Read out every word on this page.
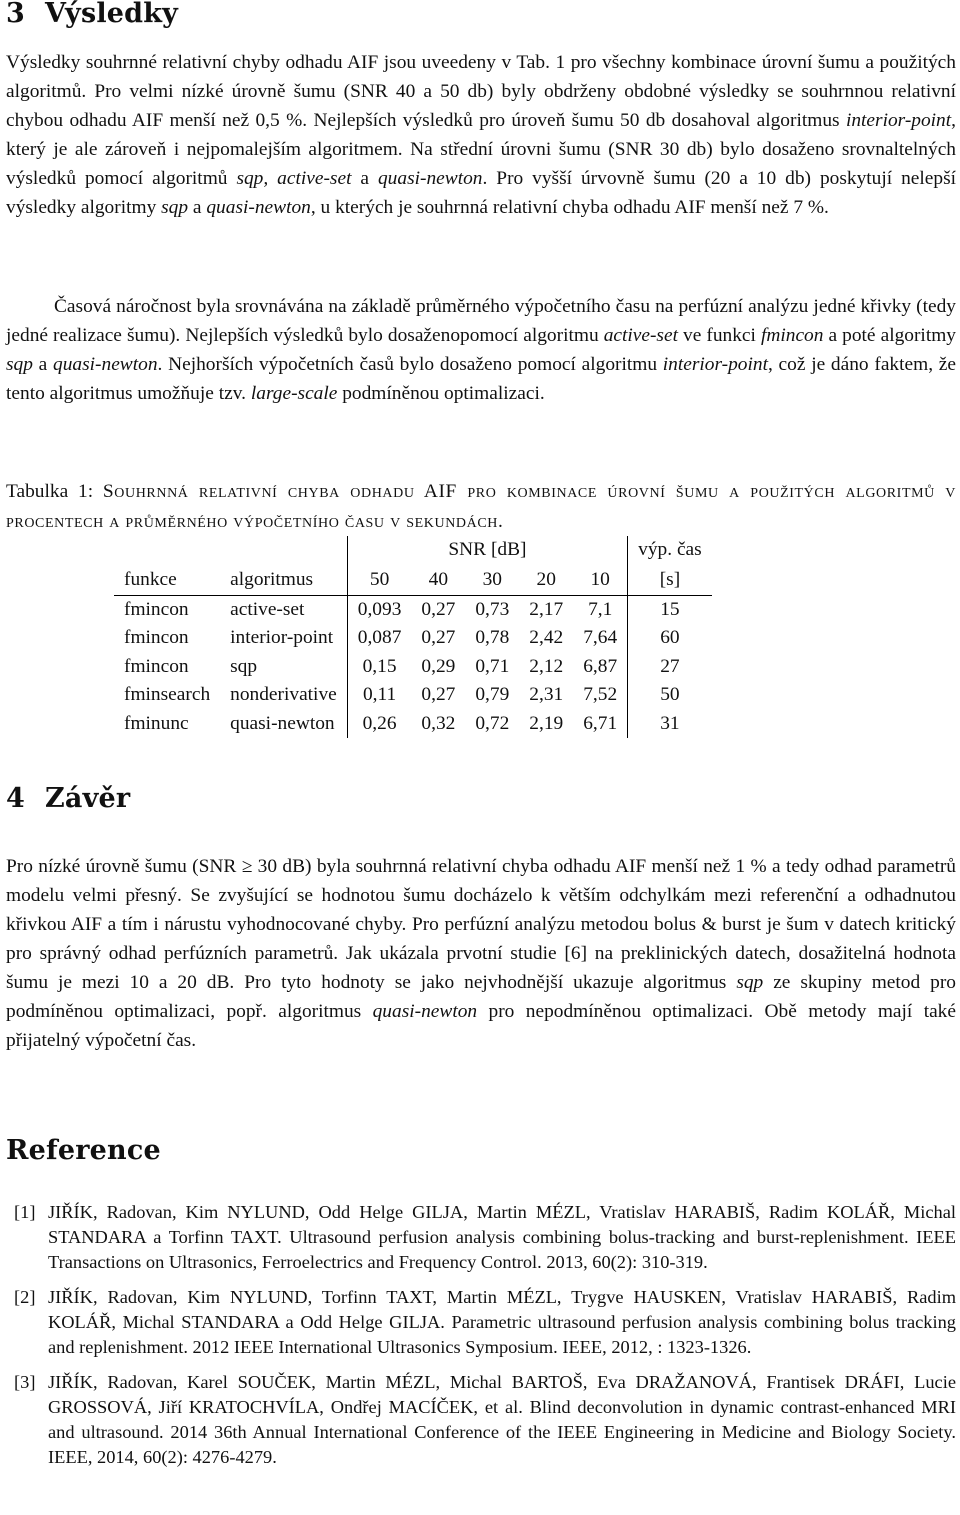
3 Výsledky
Výsledky souhrnné relativní chyby odhadu AIF jsou uveedeny v Tab. 1 pro všechny kombinace úrovní šumu a použitých algoritmů. Pro velmi nízké úrovně šumu (SNR 40 a 50 db) byly obdrženy obdobné výsledky se souhrnnou relativní chybou odhadu AIF menší než 0,5 %. Nejlepších výsledků pro úroveň šumu 50 db dosahoval algoritmus interior-point, který je ale zároveň i nejpomalejším algoritmem. Na střední úrovni šumu (SNR 30 db) bylo dosaženo srovnaltelných výsledků pomocí algoritmů sqp, active-set a quasi-newton. Pro vyšší úrvovně šumu (20 a 10 db) poskytují nelepší výsledky algoritmy sqp a quasi-newton, u kterých je souhrnná relativní chyba odhadu AIF menší než 7 %.
Časová náročnost byla srovnávána na základě průměrného výpočetního času na perfúzní analýzu jedné křivky (tedy jedné realizace šumu). Nejlepších výsledků bylo dosaženopomocí algoritmu active-set ve funkci fmincon a poté algoritmy sqp a quasi-newton. Nejhorších výpočetních časů bylo dosaženo pomocí algoritmu interior-point, což je dáno faktem, že tento algoritmus umožňuje tzv. large-scale podmíněnou optimalizaci.
Tabulka 1: Souhrnná relativní chyba odhadu AIF pro kombinace úrovní šumu a použitých algoritmů v procentech a průměrného výpočetního času v sekundách.
		SNR [dB]					výp. čas
funkce	algoritmus	50	40	30	20	10	[s]
fmincon	active-set	0,093	0,27	0,73	2,17	7,1	15
fmincon	interior-point	0,087	0,27	0,78	2,42	7,64	60
fmincon	sqp	0,15	0,29	0,71	2,12	6,87	27
fminsearch	nonderivative	0,11	0,27	0,79	2,31	7,52	50
fminunc	quasi-newton	0,26	0,32	0,72	2,19	6,71	31
4 Závěr
Pro nízké úrovně šumu (SNR ≥ 30 dB) byla souhrnná relativní chyba odhadu AIF menší než 1 % a tedy odhad parametrů modelu velmi přesný. Se zvyšující se hodnotou šumu docházelo k větším odchylkám mezi referenční a odhadnutou křivkou AIF a tím i nárustu vyhodnocované chyby. Pro perfúzní analýzu metodou bolus & burst je šum v datech kritický pro správný odhad perfúzních parametrů. Jak ukázala prvotní studie [6] na preklinických datech, dosažitelná hodnota šumu je mezi 10 a 20 dB. Pro tyto hodnoty se jako nejvhodnější ukazuje algoritmus sqp ze skupiny metod pro podmíněnou optimalizaci, popř. algoritmus quasi-newton pro nepodmíněnou optimalizaci. Obě metody mají také přijatelný výpočetní čas.
Reference
[1] JIŘÍK, Radovan, Kim NYLUND, Odd Helge GILJA, Martin MÉZL, Vratislav HARABIŠ, Radim KOLÁŘ, Michal STANDARA a Torfinn TAXT. Ultrasound perfusion analysis combining bolus-tracking and burst-replenishment. IEEE Transactions on Ultrasonics, Ferroelectrics and Frequency Control. 2013, 60(2): 310-319.
[2] JIŘÍK, Radovan, Kim NYLUND, Torfinn TAXT, Martin MÉZL, Trygve HAUSKEN, Vratislav HARABIŠ, Radim KOLÁŘ, Michal STANDARA a Odd Helge GILJA. Parametric ultrasound perfusion analysis combining bolus tracking and replenishment. 2012 IEEE International Ultrasonics Symposium. IEEE, 2012, : 1323-1326.
[3] JIŘÍK, Radovan, Karel SOUČEK, Martin MÉZL, Michal BARTOŠ, Eva DRAŽANOVÁ, Frantisek DRÁFI, Lucie GROSSOVÁ, Jiří KRATOCHVÍLA, Ondřej MACÍČEK, et al. Blind deconvolution in dynamic contrast-enhanced MRI and ultrasound. 2014 36th Annual International Conference of the IEEE Engineering in Medicine and Biology Society. IEEE, 2014, 60(2): 4276-4279.
